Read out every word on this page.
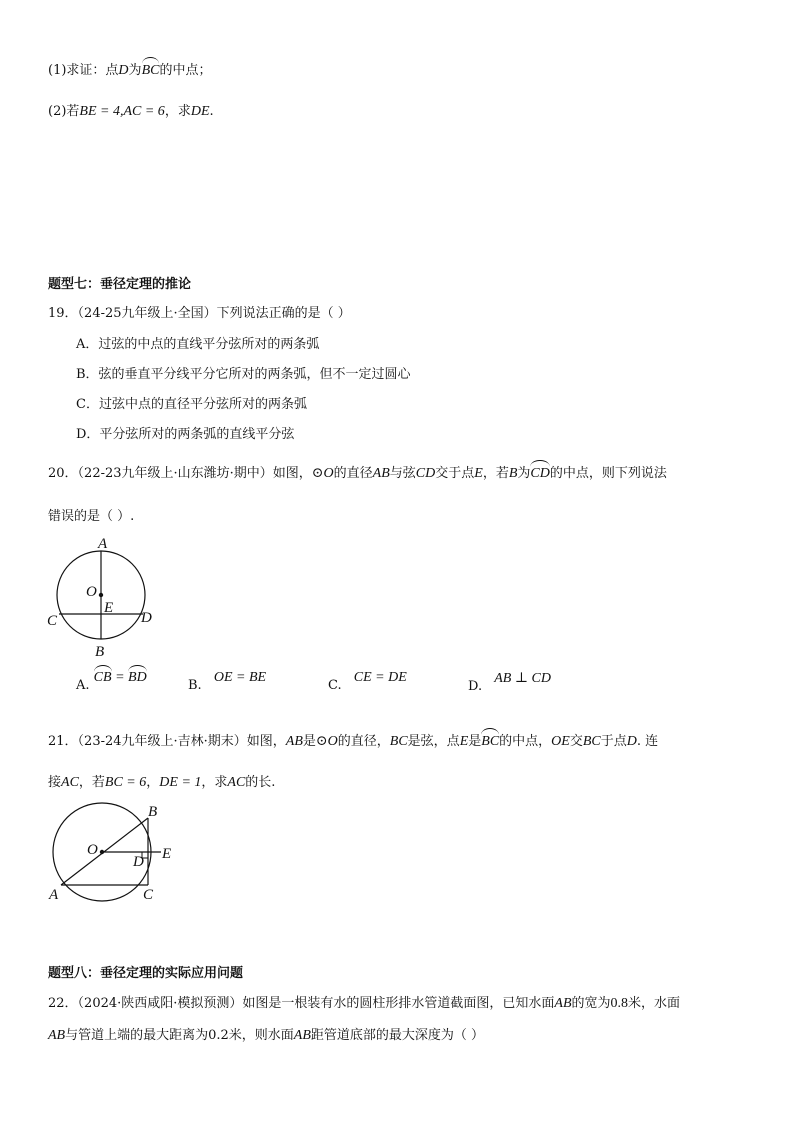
(1)求证：点D为BC的中点；
(2)若BE = 4,AC = 6，求DE.
题型七：垂径定理的推论
19．（24-25九年级上·全国）下列说法正确的是（ ）
A．过弦的中点的直线平分弦所对的两条弧
B．弦的垂直平分线平分它所对的两条弧，但不一定过圆心
C．过弦中点的直径平分弦所对的两条弧
D．平分弦所对的两条弧的直线平分弦
20．（22-23九年级上·山东潍坊·期中）如图，⊙O的直径AB与弦CD交于点E，若B为CD的中点，则下列说法
错误的是（ ）.
A
O
E
C	D
B
A. CB = BD
B. OE = BE
C. CE = DE
D. AB ⊥ CD
21．（23-24九年级上·吉林·期末）如图，AB是⊙O的直径，BC是弦，点E是BC的中点，OE交BC于点D. 连
接AC，若BC = 6，DE = 1，求AC的长.
B
O	E
D
A	C
题型八：垂径定理的实际应用问题
22．（2024·陕西咸阳·模拟预测）如图是一根装有水的圆柱形排水管道截面图，已知水面AB的宽为0.8米，水面
AB与管道上端的最大距离为0.2米，则水面AB距管道底部的最大深度为（ ）
